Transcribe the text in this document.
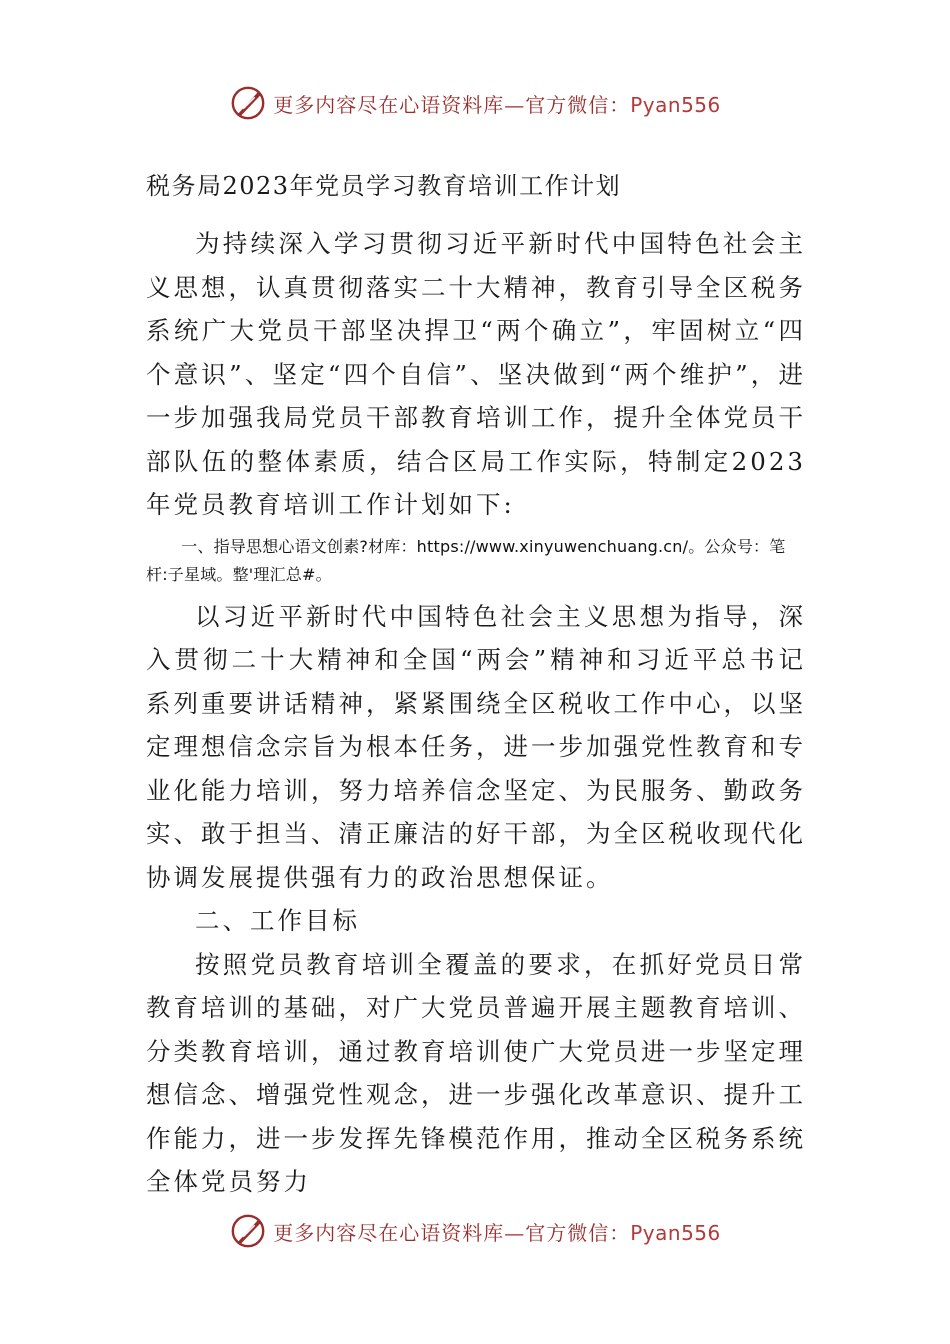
更多内容尽在心语资料库—官方微信：Pyan556
税务局2023年党员学习教育培训工作计划

为持续深入学习贯彻习近平新时代中国特色社会主义思想，认真贯彻落实二十大精神，教育引导全区税务系统广大党员干部坚决捍卫“两个确立”，牢固树立“四个意识”、坚定“四个自信”、坚决做到“两个维护”，进一步加强我局党员干部教育培训工作，提升全体党员干部队伍的整体素质，结合区局工作实际，特制定2023年党员教育培训工作计划如下:

一、指导思想心语文创素?材库：https://www.xinyuwenchuang.cn/。公众号：笔杆:子星域。整'理汇总#。

以习近平新时代中国特色社会主义思想为指导，深入贯彻二十大精神和全国“两会”精神和习近平总书记系列重要讲话精神，紧紧围绕全区税收工作中心，以坚定理想信念宗旨为根本任务，进一步加强党性教育和专业化能力培训，努力培养信念坚定、为民服务、勤政务实、敢于担当、清正廉洁的好干部，为全区税收现代化协调发展提供强有力的政治思想保证。

二、工作目标

按照党员教育培训全覆盖的要求，在抓好党员日常教育培训的基础，对广大党员普遍开展主题教育培训、分类教育培训，通过教育培训使广大党员进一步坚定理想信念、增强党性观念，进一步强化改革意识、提升工作能力，进一步发挥先锋模范作用，推动全区税务系统全体党员努力

更多内容尽在心语资料库—官方微信：Pyan556
